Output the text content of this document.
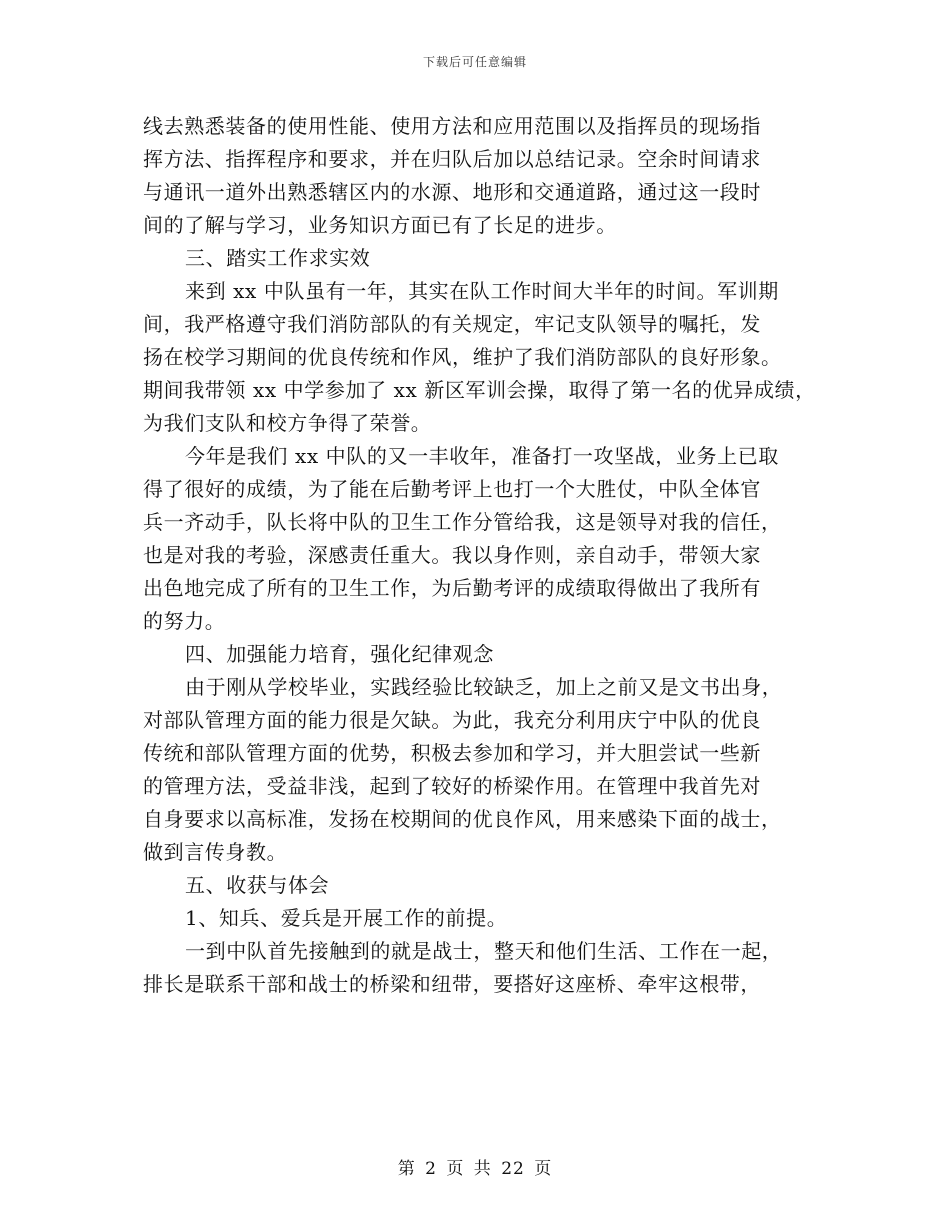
下载后可任意编辑
线去熟悉装备的使用性能、使用方法和应用范围以及指挥员的现场指
挥方法、指挥程序和要求，并在归队后加以总结记录。空余时间请求
与通讯一道外出熟悉辖区内的水源、地形和交通道路，通过这一段时
间的了解与学习，业务知识方面已有了长足的进步。
三、踏实工作求实效
来到 xx 中队虽有一年，其实在队工作时间大半年的时间。军训期
间，我严格遵守我们消防部队的有关规定，牢记支队领导的嘱托，发
扬在校学习期间的优良传统和作风，维护了我们消防部队的良好形象。
期间我带领 xx 中学参加了 xx 新区军训会操，取得了第一名的优异成绩，
为我们支队和校方争得了荣誉。
今年是我们 xx 中队的又一丰收年，准备打一攻坚战，业务上已取
得了很好的成绩，为了能在后勤考评上也打一个大胜仗，中队全体官
兵一齐动手，队长将中队的卫生工作分管给我，这是领导对我的信任，
也是对我的考验，深感责任重大。我以身作则，亲自动手，带领大家
出色地完成了所有的卫生工作，为后勤考评的成绩取得做出了我所有
的努力。
四、加强能力培育，强化纪律观念
由于刚从学校毕业，实践经验比较缺乏，加上之前又是文书出身，
对部队管理方面的能力很是欠缺。为此，我充分利用庆宁中队的优良
传统和部队管理方面的优势，积极去参加和学习，并大胆尝试一些新
的管理方法，受益非浅，起到了较好的桥梁作用。在管理中我首先对
自身要求以高标准，发扬在校期间的优良作风，用来感染下面的战士，
做到言传身教。
五、收获与体会
1、知兵、爱兵是开展工作的前提。
一到中队首先接触到的就是战士，整天和他们生活、工作在一起，
排长是联系干部和战士的桥梁和纽带，要搭好这座桥、牵牢这根带，
第 2 页 共 22 页
